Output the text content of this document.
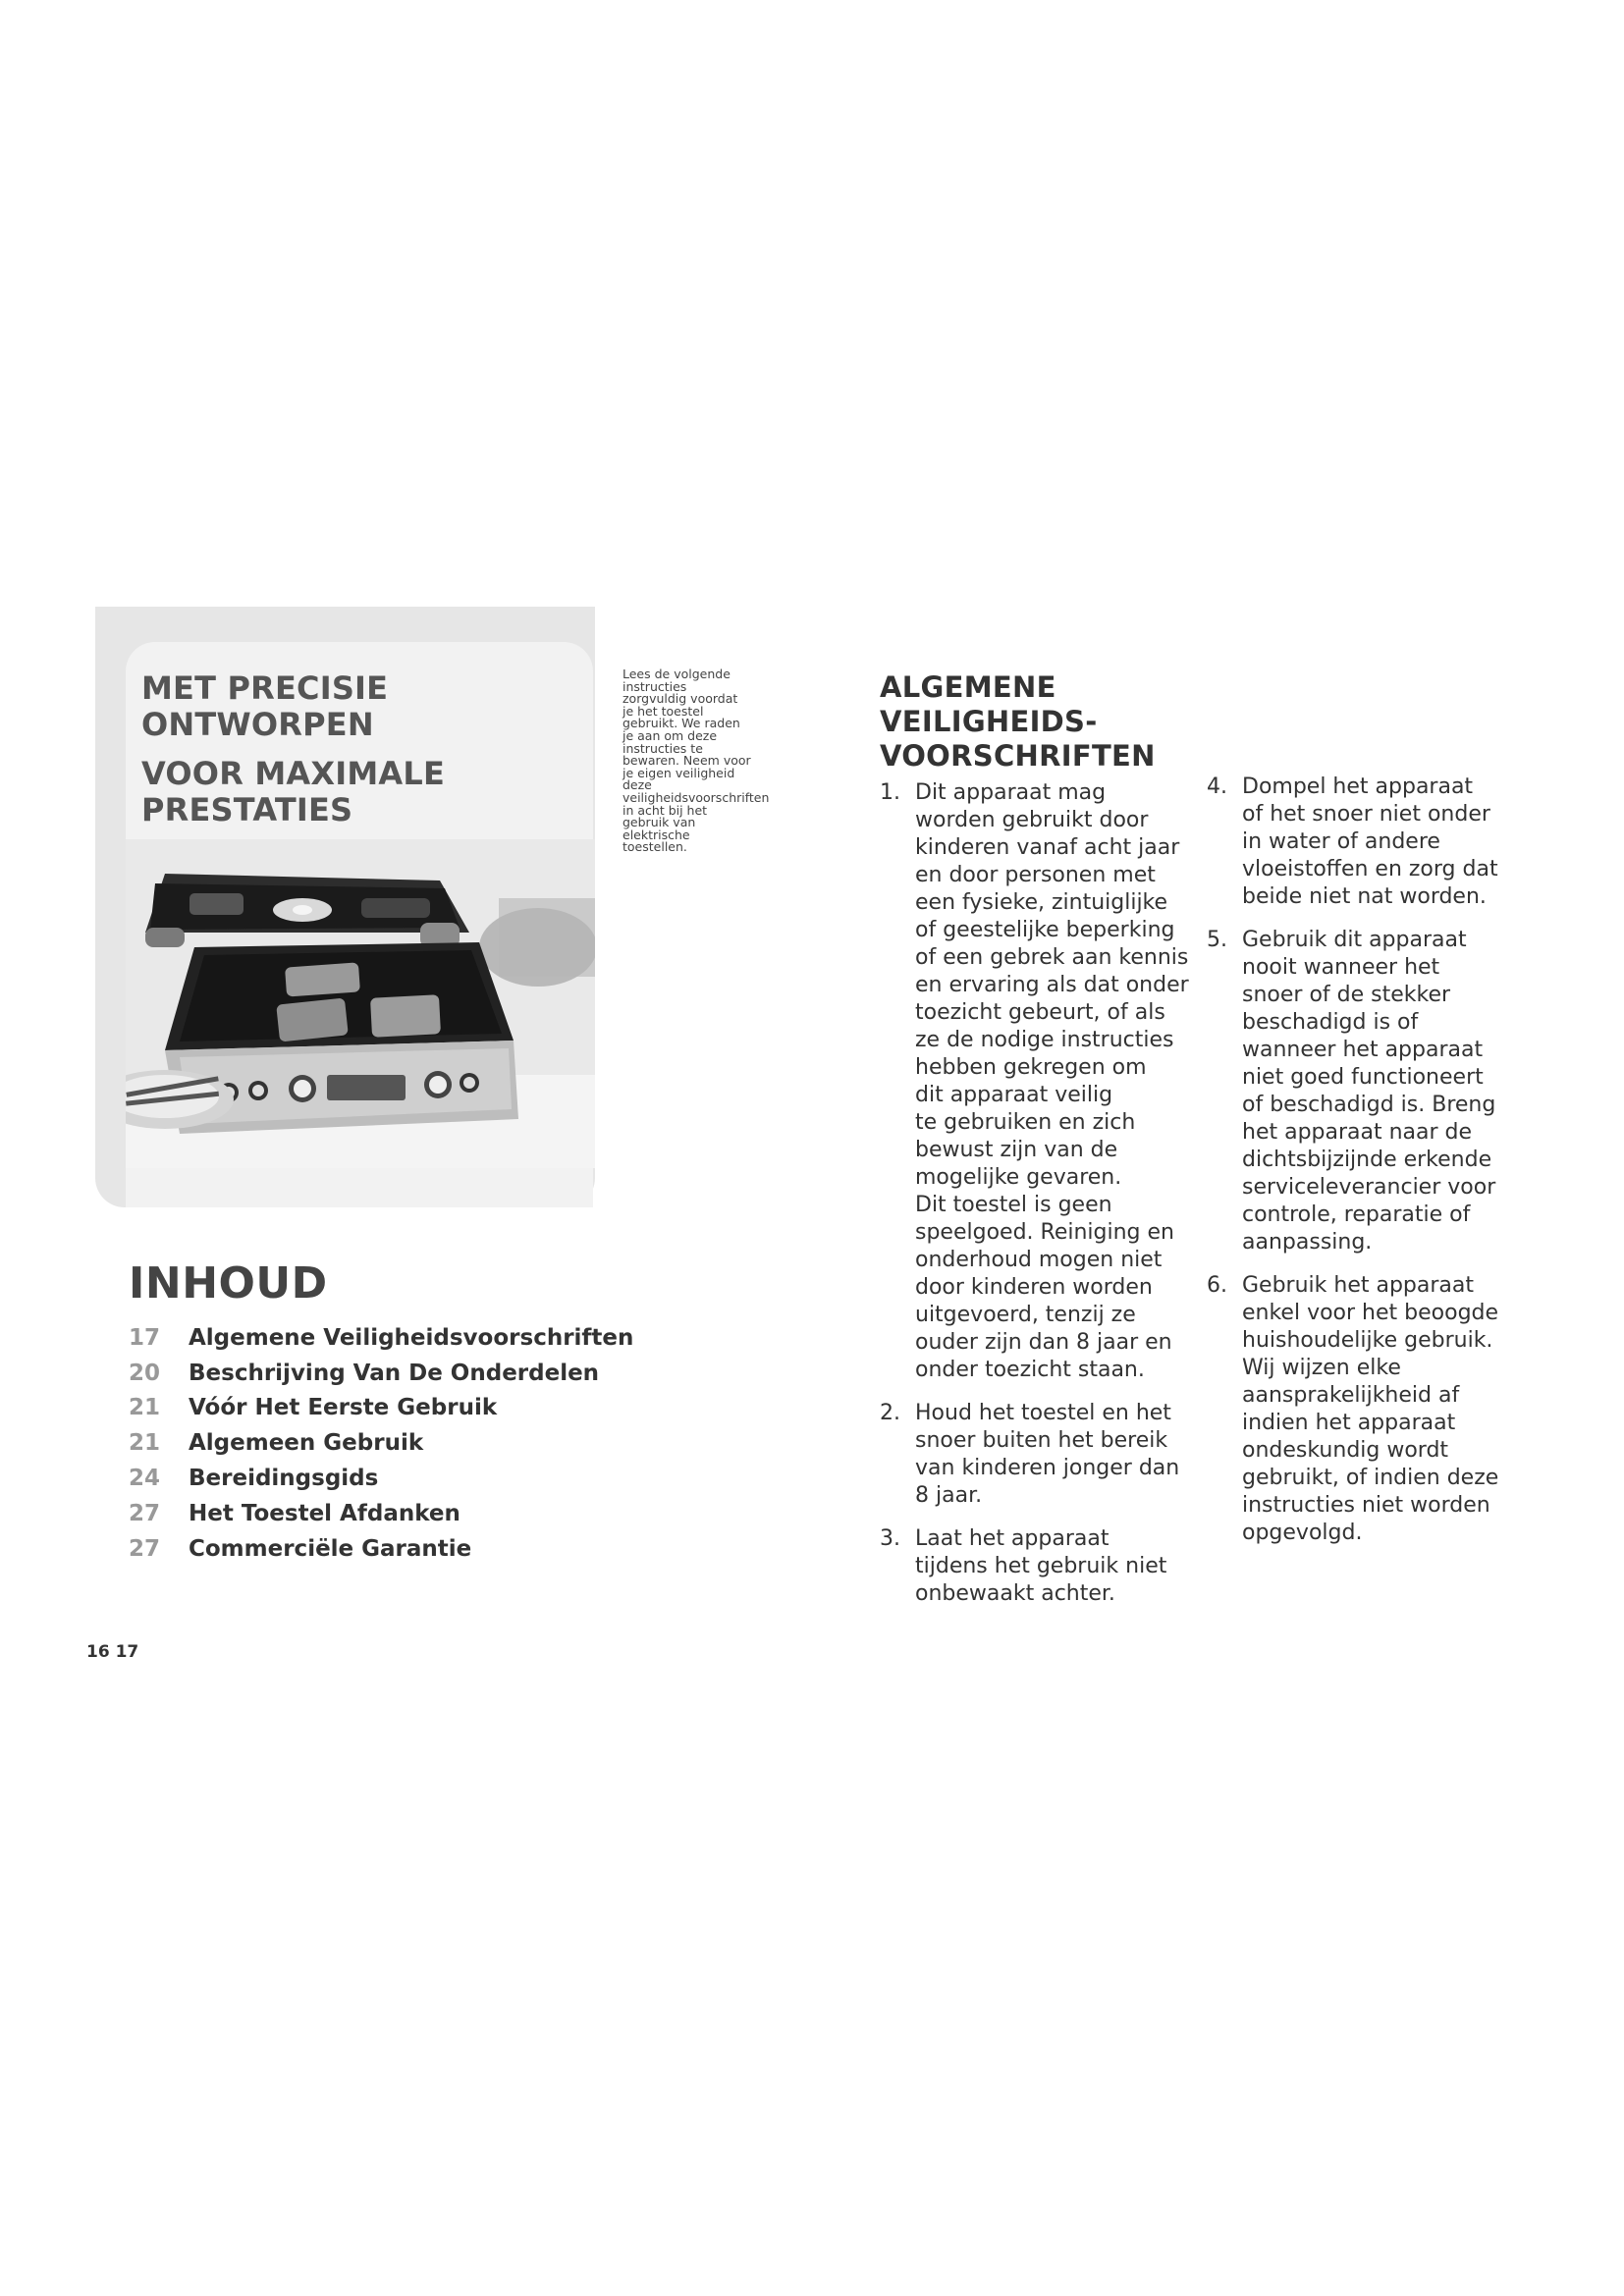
MET PRECISIE
ONTWORPEN
VOOR MAXIMALE
PRESTATIES
Lees de volgende instructies zorgvuldig voordat je het toestel gebruikt. We raden je aan om deze instructies te bewaren. Neem voor je eigen veiligheid deze veiligheidsvoorschriften in acht bij het gebruik van elektrische toestellen.
INHOUD
17	Algemene Veiligheidsvoorschriften
20	Beschrijving Van De Onderdelen
21	Vóór Het Eerste Gebruik
21	Algemeen Gebruik
24	Bereidingsgids
27	Het Toestel Afdanken
27	Commerciële Garantie
16 17
ALGEMENE
VEILIGHEIDS-
VOORSCHRIFTEN
1. Dit apparaat mag
worden gebruikt door
kinderen vanaf acht jaar
en door personen met
een fysieke, zintuiglijke
of geestelijke beperking
of een gebrek aan kennis
en ervaring als dat onder
toezicht gebeurt, of als
ze de nodige instructies
hebben gekregen om
dit apparaat veilig
te gebruiken en zich
bewust zijn van de
mogelijke gevaren.
Dit toestel is geen
speelgoed. Reiniging en
onderhoud mogen niet
door kinderen worden
uitgevoerd, tenzij ze
ouder zijn dan 8 jaar en
onder toezicht staan.
2. Houd het toestel en het
snoer buiten het bereik
van kinderen jonger dan
8 jaar.
3. Laat het apparaat
tijdens het gebruik niet
onbewaakt achter.
4. Dompel het apparaat
of het snoer niet onder
in water of andere
vloeistoffen en zorg dat
beide niet nat worden.
5. Gebruik dit apparaat
nooit wanneer het
snoer of de stekker
beschadigd is of
wanneer het apparaat
niet goed functioneert
of beschadigd is. Breng
het apparaat naar de
dichtsbijzijnde erkende
serviceleverancier voor
controle, reparatie of
aanpassing.
6. Gebruik het apparaat
enkel voor het beoogde
huishoudelijke gebruik.
Wij wijzen elke
aansprakelijkheid af
indien het apparaat
ondeskundig wordt
gebruikt, of indien deze
instructies niet worden
opgevolgd.
